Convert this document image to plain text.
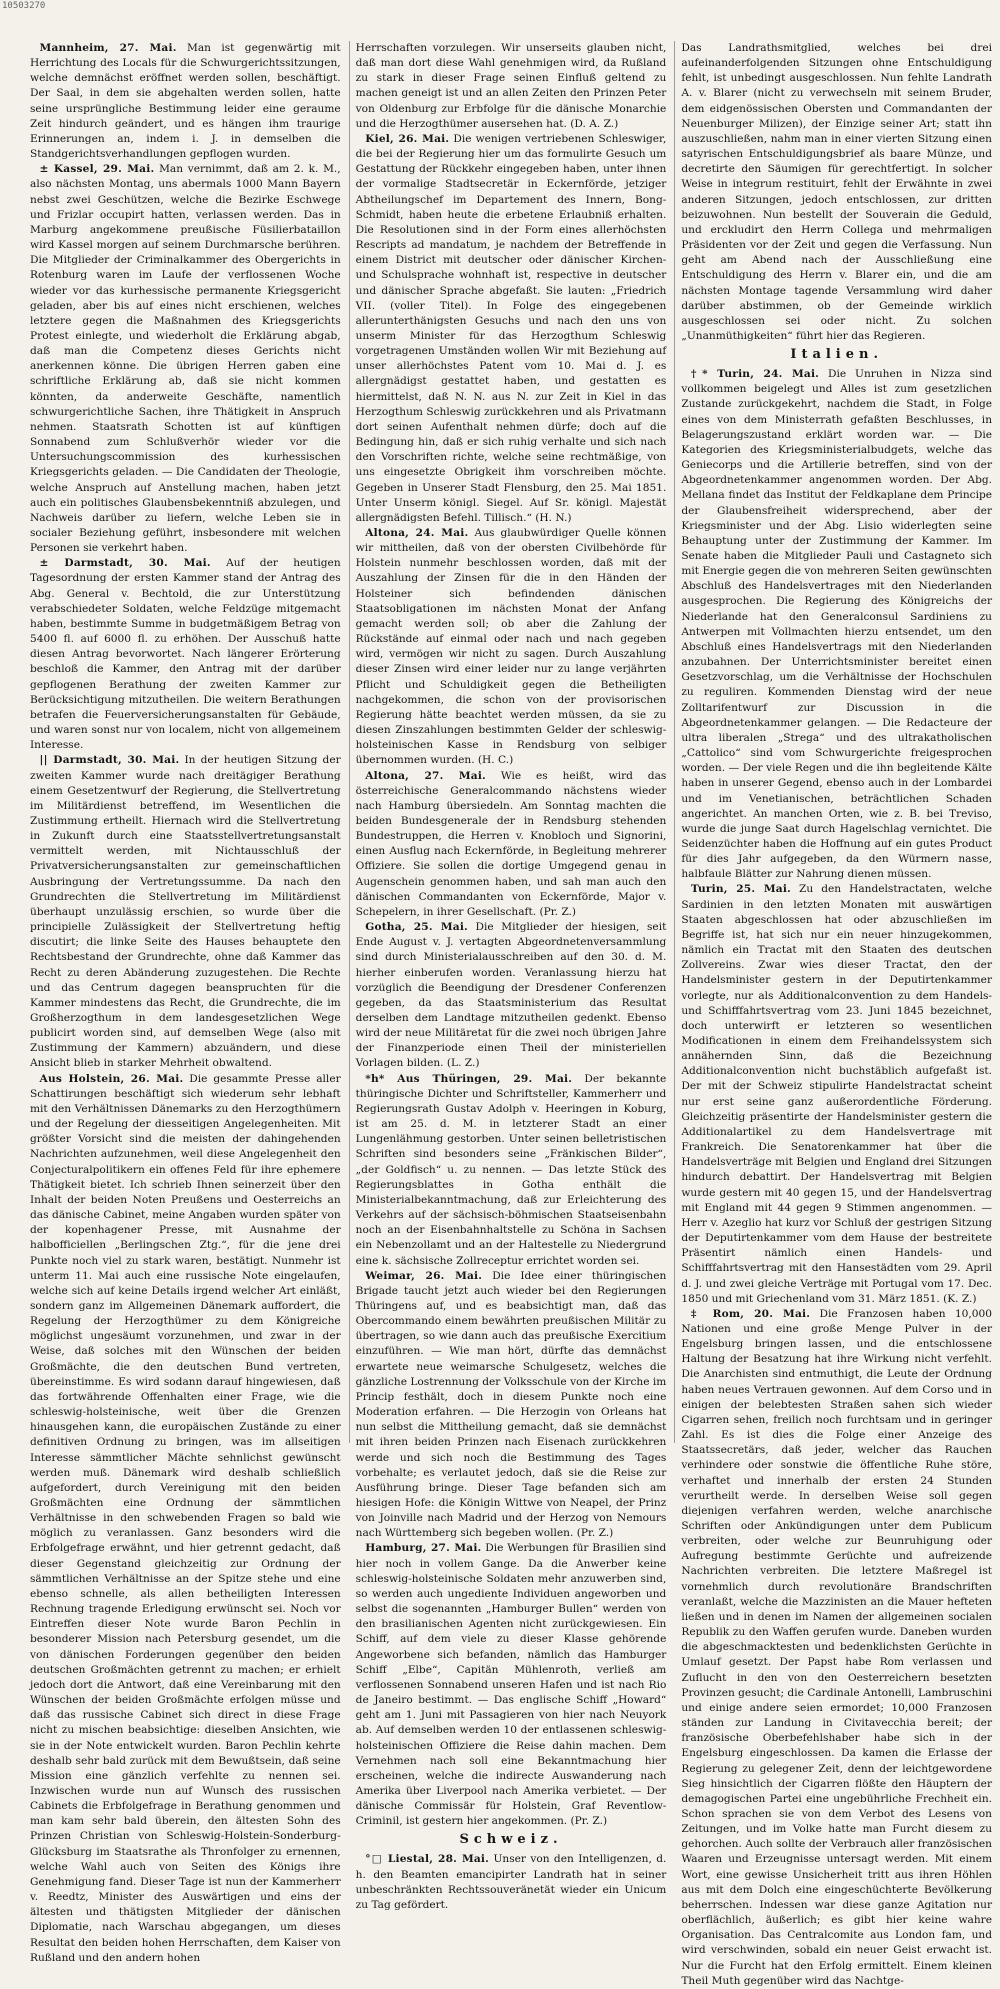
10503270

Mannheim, 27. Mai. Man ist gegenwärtig mit Herrichtung des Locals für die Schwurgerichtssitzungen, welche demnächst eröffnet werden sollen, beschäftigt. Der Saal, in dem sie abgehalten werden sollen, hatte seine ursprüngliche Bestimmung leider eine geraume Zeit hindurch geändert, und es hängen ihm traurige Erinnerungen an, indem i. J. in demselben die Standgerichtsverhandlungen gepflogen wurden.

± Kassel, 29. Mai. Man vernimmt, daß am 2. k. M., also nächsten Montag, uns abermals 1000 Mann Bayern nebst zwei Geschützen, welche die Bezirke Eschwege und Frizlar occupirt hatten, verlassen werden. Das in Marburg angekommene preußische Füsilierbataillon wird Kassel morgen auf seinem Durchmarsche berühren. Die Mitglieder der Criminalkammer des Obergerichts in Rotenburg waren im Laufe der verflossenen Woche wieder vor das kurhessische permanente Kriegsgericht geladen, aber bis auf eines nicht erschienen, welches letztere gegen die Maßnahmen des Kriegsgerichts Protest einlegte, und wiederholt die Erklärung abgab, daß man die Competenz dieses Gerichts nicht anerkennen könne. Die übrigen Herren gaben eine schriftliche Erklärung ab, daß sie nicht kommen könnten, da anderweite Geschäfte, namentlich schwurgerichtliche Sachen, ihre Thätigkeit in Anspruch nehmen. Staatsrath Schotten ist auf künftigen Sonnabend zum Schlußverhör wieder vor die Untersuchungscommission des kurhessischen Kriegsgerichts geladen. — Die Candidaten der Theologie, welche Anspruch auf Anstellung machen, haben jetzt auch ein politisches Glaubensbekenntniß abzulegen, und Nachweis darüber zu liefern, welche Leben sie in socialer Beziehung geführt, insbesondere mit welchen Personen sie verkehrt haben.

± Darmstadt, 30. Mai. Auf der heutigen Tagesordnung der ersten Kammer stand der Antrag des Abg. General v. Bechtold, die zur Unterstützung verabschiedeter Soldaten, welche Feldzüge mitgemacht haben, bestimmte Summe in budgetmäßigem Betrag von 5400 fl. auf 6000 fl. zu erhöhen. Der Ausschuß hatte diesen Antrag bevorwortet. Nach längerer Erörterung beschloß die Kammer, den Antrag mit der darüber gepflogenen Berathung der zweiten Kammer zur Berücksichtigung mitzutheilen. Die weitern Berathungen betrafen die Feuerversicherungsanstalten für Gebäude, und waren sonst nur von localem, nicht von allgemeinem Interesse.

|| Darmstadt, 30. Mai. In der heutigen Sitzung der zweiten Kammer wurde nach dreitägiger Berathung einem Gesetzentwurf der Regierung, die Stellvertretung im Militärdienst betreffend, im Wesentlichen die Zustimmung ertheilt. Hiernach wird die Stellvertretung in Zukunft durch eine Staatsstellvertretungsanstalt vermittelt werden, mit Nichtausschluß der Privatversicherungsanstalten zur gemeinschaftlichen Ausbringung der Vertretungssumme. Da nach den Grundrechten die Stellvertretung im Militärdienst überhaupt unzulässig erschien, so wurde über die principielle Zulässigkeit der Stellvertretung heftig discutirt; die linke Seite des Hauses behauptete den Rechtsbestand der Grundrechte, ohne daß Kammer das Recht zu deren Abänderung zuzugestehen. Die Rechte und das Centrum dagegen beanspruchten für die Kammer mindestens das Recht, die Grundrechte, die im Großherzogthum in dem landesgesetzlichen Wege publicirt worden sind, auf demselben Wege (also mit Zustimmung der Kammern) abzuändern, und diese Ansicht blieb in starker Mehrheit obwaltend.

Aus Holstein, 26. Mai. Die gesammte Presse aller Schattirungen beschäftigt sich wiederum sehr lebhaft mit den Verhältnissen Dänemarks zu den Herzogthümern und der Regelung der diesseitigen Angelegenheiten. Mit größter Vorsicht sind die meisten der dahingehenden Nachrichten aufzunehmen, weil diese Angelegenheit den Conjecturalpolitikern ein offenes Feld für ihre ephemere Thätigkeit bietet. Ich schrieb Ihnen seinerzeit über den Inhalt der beiden Noten Preußens und Oesterreichs an das dänische Cabinet, meine Angaben wurden später von der kopenhagener Presse, mit Ausnahme der halbofficiellen „Berlingschen Ztg.“, für die jene drei Punkte noch viel zu stark waren, bestätigt. Nunmehr ist unterm 11. Mai auch eine russische Note eingelaufen, welche sich auf keine Details irgend welcher Art einläßt, sondern ganz im Allgemeinen Dänemark auffordert, die Regelung der Herzogthümer zu dem Königreiche möglichst ungesäumt vorzunehmen, und zwar in der Weise, daß solches mit den Wünschen der beiden Großmächte, die den deutschen Bund vertreten, übereinstimme. Es wird sodann darauf hingewiesen, daß das fortwährende Offenhalten einer Frage, wie die schleswig-holsteinische, weit über die Grenzen hinausgehen kann, die europäischen Zustände zu einer definitiven Ordnung zu bringen, was im allseitigen Interesse sämmtlicher Mächte sehnlichst gewünscht werden muß. Dänemark wird deshalb schließlich aufgefordert, durch Vereinigung mit den beiden Großmächten eine Ordnung der sämmtlichen Verhältnisse in den schwebenden Fragen so bald wie möglich zu veranlassen. Ganz besonders wird die Erbfolgefrage erwähnt, und hier getrennt gedacht, daß dieser Gegenstand gleichzeitig zur Ordnung der sämmtlichen Verhältnisse an der Spitze stehe und eine ebenso schnelle, als allen betheiligten Interessen Rechnung tragende Erledigung erwünscht sei. Noch vor Eintreffen dieser Note wurde Baron Pechlin in besonderer Mission nach Petersburg gesendet, um die von dänischen Forderungen gegenüber den beiden deutschen Großmächten getrennt zu machen; er erhielt jedoch dort die Antwort, daß eine Vereinbarung mit den Wünschen der beiden Großmächte erfolgen müsse und daß das russische Cabinet sich direct in diese Frage nicht zu mischen beabsichtige: dieselben Ansichten, wie sie in der Note entwickelt wurden. Baron Pechlin kehrte deshalb sehr bald zurück mit dem Bewußtsein, daß seine Mission eine gänzlich verfehlte zu nennen sei. Inzwischen wurde nun auf Wunsch des russischen Cabinets die Erbfolgefrage in Berathung genommen und man kam sehr bald überein, den ältesten Sohn des Prinzen Christian von Schleswig-Holstein-Sonderburg-Glücksburg im Staatsrathe als Thronfolger zu ernennen, welche Wahl auch von Seiten des Königs ihre Genehmigung fand. Dieser Tage ist nun der Kammerherr v. Reedtz, Minister des Auswärtigen und eins der ältesten und thätigsten Mitglieder der dänischen Diplomatie, nach Warschau abgegangen, um dieses Resultat den beiden hohen Herrschaften, dem Kaiser von Rußland und den andern hohen

Herrschaften vorzulegen. Wir unserseits glauben nicht, daß man dort diese Wahl genehmigen wird, da Rußland zu stark in dieser Frage seinen Einfluß geltend zu machen geneigt ist und an allen Zeiten den Prinzen Peter von Oldenburg zur Erbfolge für die dänische Monarchie und die Herzogthümer ausersehen hat. (D. A. Z.)

Kiel, 26. Mai. Die wenigen vertriebenen Schleswiger, die bei der Regierung hier um das formulirte Gesuch um Gestattung der Rückkehr eingegeben haben, unter ihnen der vormalige Stadtsecretär in Eckernförde, jetziger Abtheilungschef im Departement des Innern, Bong-Schmidt, haben heute die erbetene Erlaubniß erhalten. Die Resolutionen sind in der Form eines allerhöchsten Rescripts ad mandatum, je nachdem der Betreffende in einem District mit deutscher oder dänischer Kirchen- und Schulsprache wohnhaft ist, respective in deutscher und dänischer Sprache abgefaßt. Sie lauten: „Friedrich VII. (voller Titel). In Folge des eingegebenen allerunterthänigsten Gesuchs und nach den uns von unserm Minister für das Herzogthum Schleswig vorgetragenen Umständen wollen Wir mit Beziehung auf unser allerhöchstes Patent vom 10. Mai d. J. es allergnädigst gestattet haben, und gestatten es hiermittelst, daß N. N. aus N. zur Zeit in Kiel in das Herzogthum Schleswig zurückkehren und als Privatmann dort seinen Aufenthalt nehmen dürfe; doch auf die Bedingung hin, daß er sich ruhig verhalte und sich nach den Vorschriften richte, welche seine rechtmäßige, von uns eingesetzte Obrigkeit ihm vorschreiben möchte. Gegeben in Unserer Stadt Flensburg, den 25. Mai 1851. Unter Unserm königl. Siegel. Auf Sr. königl. Majestät allergnädigsten Befehl. Tillisch.“ (H. N.)

Altona, 24. Mai. Aus glaubwürdiger Quelle können wir mittheilen, daß von der obersten Civilbehörde für Holstein nunmehr beschlossen worden, daß mit der Auszahlung der Zinsen für die in den Händen der Holsteiner sich befindenden dänischen Staatsobligationen im nächsten Monat der Anfang gemacht werden soll; ob aber die Zahlung der Rückstände auf einmal oder nach und nach gegeben wird, vermögen wir nicht zu sagen. Durch Auszahlung dieser Zinsen wird einer leider nur zu lange verjährten Pflicht und Schuldigkeit gegen die Betheiligten nachgekommen, die schon von der provisorischen Regierung hätte beachtet werden müssen, da sie zu diesen Zinszahlungen bestimmten Gelder der schleswig-holsteinischen Kasse in Rendsburg von selbiger übernommen wurden. (H. C.)

Altona, 27. Mai. Wie es heißt, wird das österreichische Generalcommando nächstens wieder nach Hamburg übersiedeln. Am Sonntag machten die beiden Bundesgenerale der in Rendsburg stehenden Bundestruppen, die Herren v. Knobloch und Signorini, einen Ausflug nach Eckernförde, in Begleitung mehrerer Offiziere. Sie sollen die dortige Umgegend genau in Augenschein genommen haben, und sah man auch den dänischen Commandanten von Eckernförde, Major v. Schepelern, in ihrer Gesellschaft. (Pr. Z.)

Gotha, 25. Mai. Die Mitglieder der hiesigen, seit Ende August v. J. vertagten Abgeordnetenversammlung sind durch Ministerialausschreiben auf den 30. d. M. hierher einberufen worden. Veranlassung hierzu hat vorzüglich die Beendigung der Dresdener Conferenzen gegeben, da das Staatsministerium das Resultat derselben dem Landtage mitzutheilen gedenkt. Ebenso wird der neue Militäretat für die zwei noch übrigen Jahre der Finanzperiode einen Theil der ministeriellen Vorlagen bilden. (L. Z.)

*h* Aus Thüringen, 29. Mai. Der bekannte thüringische Dichter und Schriftsteller, Kammerherr und Regierungsrath Gustav Adolph v. Heeringen in Koburg, ist am 25. d. M. in letzterer Stadt an einer Lungenlähmung gestorben. Unter seinen belletristischen Schriften sind besonders seine „Fränkischen Bilder“, „der Goldfisch“ u. zu nennen. — Das letzte Stück des Regierungsblattes in Gotha enthält die Ministerialbekanntmachung, daß zur Erleichterung des Verkehrs auf der sächsisch-böhmischen Staatseisenbahn noch an der Eisenbahnhaltstelle zu Schöna in Sachsen ein Nebenzollamt und an der Haltestelle zu Niedergrund eine k. sächsische Zollreceptur errichtet worden sei.

Weimar, 26. Mai. Die Idee einer thüringischen Brigade taucht jetzt auch wieder bei den Regierungen Thüringens auf, und es beabsichtigt man, daß das Obercommando einem bewährten preußischen Militär zu übertragen, so wie dann auch das preußische Exercitium einzuführen. — Wie man hört, dürfte das demnächst erwartete neue weimarsche Schulgesetz, welches die gänzliche Lostrennung der Volksschule von der Kirche im Princip festhält, doch in diesem Punkte noch eine Moderation erfahren. — Die Herzogin von Orleans hat nun selbst die Mittheilung gemacht, daß sie demnächst mit ihren beiden Prinzen nach Eisenach zurückkehren werde und sich noch die Bestimmung des Tages vorbehalte; es verlautet jedoch, daß sie die Reise zur Ausführung bringe. Dieser Tage befanden sich am hiesigen Hofe: die Königin Wittwe von Neapel, der Prinz von Joinville nach Madrid und der Herzog von Nemours nach Württemberg sich begeben wollen. (Pr. Z.)

Hamburg, 27. Mai. Die Werbungen für Brasilien sind hier noch in vollem Gange. Da die Anwerber keine schleswig-holsteinische Soldaten mehr anzuwerben sind, so werden auch ungediente Individuen angeworben und selbst die sogenannten „Hamburger Bullen“ werden von den brasilianischen Agenten nicht zurückgewiesen. Ein Schiff, auf dem viele zu dieser Klasse gehörende Angeworbene sich befanden, nämlich das Hamburger Schiff „Elbe“, Capitän Mühlenroth, verließ am verflossenen Sonnabend unseren Hafen und ist nach Rio de Janeiro bestimmt. — Das englische Schiff „Howard“ geht am 1. Juni mit Passagieren von hier nach Neuyork ab. Auf demselben werden 10 der entlassenen schleswig-holsteinischen Offiziere die Reise dahin machen. Dem Vernehmen nach soll eine Bekanntmachung hier erscheinen, welche die indirecte Auswanderung nach Amerika über Liverpool nach Amerika verbietet. — Der dänische Commissär für Holstein, Graf Reventlow-Criminil, ist gestern hier angekommen. (Pr. Z.)

Schweiz.

°□ Liestal, 28. Mai. Unser von den Intelligenzen, d. h. den Beamten emancipirter Landrath hat in seiner unbeschränkten Rechtssouveränetät wieder ein Unicum zu Tag gefördert.

Das Landrathsmitglied, welches bei drei aufeinanderfolgenden Sitzungen ohne Entschuldigung fehlt, ist unbedingt ausgeschlossen. Nun fehlte Landrath A. v. Blarer (nicht zu verwechseln mit seinem Bruder, dem eidgenössischen Obersten und Commandanten der Neuenburger Milizen), der Einzige seiner Art; statt ihn auszuschließen, nahm man in einer vierten Sitzung einen satyrischen Entschuldigungsbrief als baare Münze, und decretirte den Säumigen für gerechtfertigt. In solcher Weise in integrum restituirt, fehlt der Erwähnte in zwei anderen Sitzungen, jedoch entschlossen, zur dritten beizuwohnen. Nun bestellt der Souverain die Geduld, und erckludirt den Herrn Collega und mehrmaligen Präsidenten vor der Zeit und gegen die Verfassung. Nun geht am Abend nach der Ausschließung eine Entschuldigung des Herrn v. Blarer ein, und die am nächsten Montage tagende Versammlung wird daher darüber abstimmen, ob der Gemeinde wirklich ausgeschlossen sei oder nicht. Zu solchen „Unanmüthigkeiten“ führt hier das Regieren.

Italien.

†* Turin, 24. Mai. Die Unruhen in Nizza sind vollkommen beigelegt und Alles ist zum gesetzlichen Zustande zurückgekehrt, nachdem die Stadt, in Folge eines von dem Ministerrath gefaßten Beschlusses, in Belagerungszustand erklärt worden war. — Die Kategorien des Kriegsministerialbudgets, welche das Geniecorps und die Artillerie betreffen, sind von der Abgeordnetenkammer angenommen worden. Der Abg. Mellana findet das Institut der Feldkaplane dem Principe der Glaubensfreiheit widersprechend, aber der Kriegsminister und der Abg. Lisio widerlegten seine Behauptung unter der Zustimmung der Kammer. Im Senate haben die Mitglieder Pauli und Castagneto sich mit Energie gegen die von mehreren Seiten gewünschten Abschluß des Handelsvertrages mit den Niederlanden ausgesprochen. Die Regierung des Königreichs der Niederlande hat den Generalconsul Sardiniens zu Antwerpen mit Vollmachten hierzu entsendet, um den Abschluß eines Handelsvertrags mit den Niederlanden anzubahnen. Der Unterrichtsminister bereitet einen Gesetzvorschlag, um die Verhältnisse der Hochschulen zu reguliren. Kommenden Dienstag wird der neue Zolltarifentwurf zur Discussion in die Abgeordnetenkammer gelangen. — Die Redacteure der ultra liberalen „Strega“ und des ultrakatholischen „Cattolico“ sind vom Schwurgerichte freigesprochen worden. — Der viele Regen und die ihn begleitende Kälte haben in unserer Gegend, ebenso auch in der Lombardei und im Venetianischen, beträchtlichen Schaden angerichtet. An manchen Orten, wie z. B. bei Treviso, wurde die junge Saat durch Hagelschlag vernichtet. Die Seidenzüchter haben die Hoffnung auf ein gutes Product für dies Jahr aufgegeben, da den Würmern nasse, halbfaule Blätter zur Nahrung dienen müssen.

Turin, 25. Mai. Zu den Handelstractaten, welche Sardinien in den letzten Monaten mit auswärtigen Staaten abgeschlossen hat oder abzuschließen im Begriffe ist, hat sich nur ein neuer hinzugekommen, nämlich ein Tractat mit den Staaten des deutschen Zollvereins. Zwar wies dieser Tractat, den der Handelsminister gestern in der Deputirtenkammer vorlegte, nur als Additionalconvention zu dem Handels- und Schifffahrtsvertrag vom 23. Juni 1845 bezeichnet, doch unterwirft er letzteren so wesentlichen Modificationen in einem dem Freihandelssystem sich annähernden Sinn, daß die Bezeichnung Additionalconvention nicht buchstäblich aufgefaßt ist. Der mit der Schweiz stipulirte Handelstractat scheint nur erst seine ganz außerordentliche Förderung. Gleichzeitig präsentirte der Handelsminister gestern die Additionalartikel zu dem Handelsvertrage mit Frankreich. Die Senatorenkammer hat über die Handelsverträge mit Belgien und England drei Sitzungen hindurch debattirt. Der Handelsvertrag mit Belgien wurde gestern mit 40 gegen 15, und der Handelsvertrag mit England mit 44 gegen 9 Stimmen angenommen. — Herr v. Azeglio hat kurz vor Schluß der gestrigen Sitzung der Deputirtenkammer vom dem Hause der bestreitete Präsentirt nämlich einen Handels- und Schifffahrtsvertrag mit den Hansestädten vom 29. April d. J. und zwei gleiche Verträge mit Portugal vom 17. Dec. 1850 und mit Griechenland vom 31. März 1851. (K. Z.)

‡ Rom, 20. Mai. Die Franzosen haben 10,000 Nationen und eine große Menge Pulver in der Engelsburg bringen lassen, und die entschlossene Haltung der Besatzung hat ihre Wirkung nicht verfehlt. Die Anarchisten sind entmuthigt, die Leute der Ordnung haben neues Vertrauen gewonnen. Auf dem Corso und in einigen der belebtesten Straßen sahen sich wieder Cigarren sehen, freilich noch furchtsam und in geringer Zahl. Es ist dies die Folge einer Anzeige des Staatssecretärs, daß jeder, welcher das Rauchen verhindere oder sonstwie die öffentliche Ruhe störe, verhaftet und innerhalb der ersten 24 Stunden verurtheilt werde. In derselben Weise soll gegen diejenigen verfahren werden, welche anarchische Schriften oder Ankündigungen unter dem Publicum verbreiten, oder welche zur Beunruhigung oder Aufregung bestimmte Gerüchte und aufreizende Nachrichten verbreiten. Die letztere Maßregel ist vornehmlich durch revolutionäre Brandschriften veranlaßt, welche die Mazzinisten an die Mauer hefteten ließen und in denen im Namen der allgemeinen socialen Republik zu den Waffen gerufen wurde. Daneben wurden die abgeschmacktesten und bedenklichsten Gerüchte in Umlauf gesetzt. Der Papst habe Rom verlassen und Zuflucht in den von den Oesterreichern besetzten Provinzen gesucht; die Cardinale Antonelli, Lambruschini und einige andere seien ermordet; 10,000 Franzosen ständen zur Landung in Civitavecchia bereit; der französische Oberbefehlshaber habe sich in der Engelsburg eingeschlossen. Da kamen die Erlasse der Regierung zu gelegener Zeit, denn der leichtgewordene Sieg hinsichtlich der Cigarren flößte den Häuptern der demagogischen Partei eine ungebührliche Frechheit ein. Schon sprachen sie von dem Verbot des Lesens von Zeitungen, und im Volke hatte man Furcht diesem zu gehorchen. Auch sollte der Verbrauch aller französischen Waaren und Erzeugnisse untersagt werden. Mit einem Wort, eine gewisse Unsicherheit tritt aus ihren Höhlen aus mit dem Dolch eine eingeschüchterte Bevölkerung beherrschen. Indessen war diese ganze Agitation nur oberflächlich, äußerlich; es gibt hier keine wahre Organisation. Das Centralcomite aus London fam, und wird verschwinden, sobald ein neuer Geist erwacht ist. Nur die Furcht hat den Erfolg ermittelt. Einem kleinen Theil Muth gegenüber wird das Nachtge-
